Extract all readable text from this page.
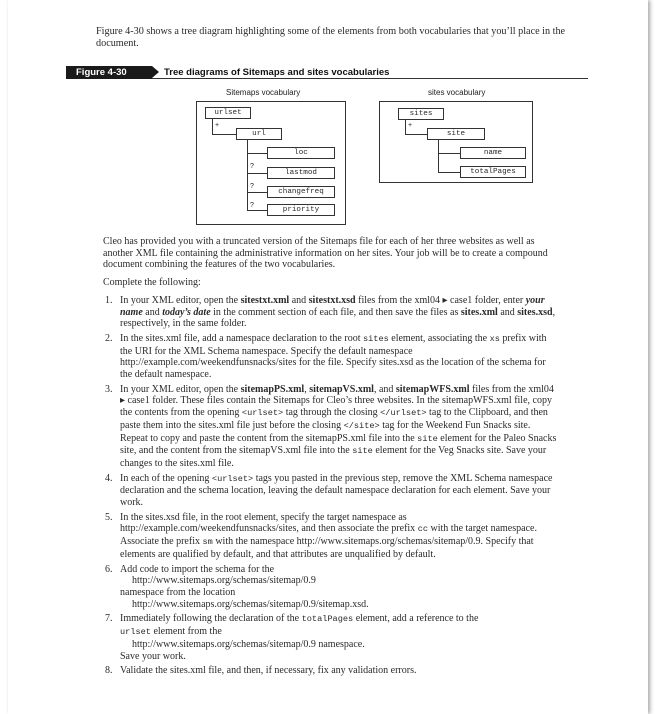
Figure 4-30 shows a tree diagram highlighting some of the elements from both vocabularies that you’ll place in the document.
Figure 4-30	Tree diagrams of Sitemaps and sites vocabularies
Sitemaps vocabulary
urlset
+
url
loc
?
lastmod
?
changefreq
?
priority
sites vocabulary
sites
+
site
name
totalPages

Cleo has provided you with a truncated version of the Sitemaps file for each of her three websites as well as another XML file containing the administrative information on her sites. Your job will be to create a compound document combining the features of the two vocabularies.

Complete the following:

1. In your XML editor, open the sitestxt.xml and sitestxt.xsd files from the xml04 ▸ case1 folder, enter your name and today’s date in the comment section of each file, and then save the files as sites.xml and sites.xsd, respectively, in the same folder.
2. In the sites.xml file, add a namespace declaration to the root sites element, associating the xs prefix with the URI for the XML Schema namespace. Specify the default namespace http://example.com/weekendfunsnacks/sites for the file. Specify sites.xsd as the location of the schema for the default namespace.
3. In your XML editor, open the sitemapPS.xml, sitemapVS.xml, and sitemapWFS.xml files from the xml04 ▸ case1 folder. These files contain the Sitemaps for Cleo’s three websites. In the sitemapWFS.xml file, copy the contents from the opening <urlset> tag through the closing </urlset> tag to the Clipboard, and then paste them into the sites.xml file just before the closing </site> tag for the Weekend Fun Snacks site. Repeat to copy and paste the content from the sitemapPS.xml file into the site element for the Paleo Snacks site, and the content from the sitemapVS.xml file into the site element for the Veg Snacks site. Save your changes to the sites.xml file.
4. In each of the opening <urlset> tags you pasted in the previous step, remove the XML Schema namespace declaration and the schema location, leaving the default namespace declaration for each element. Save your work.
5. In the sites.xsd file, in the root element, specify the target namespace as http://example.com/weekendfunsnacks/sites, and then associate the prefix cc with the target namespace. Associate the prefix sm with the namespace http://www.sitemaps.org/schemas/sitemap/0.9. Specify that elements are qualified by default, and that attributes are unqualified by default.
6. Add code to import the schema for the
http://www.sitemaps.org/schemas/sitemap/0.9
namespace from the location
http://www.sitemaps.org/schemas/sitemap/0.9/sitemap.xsd.
7. Immediately following the declaration of the totalPages element, add a reference to the
urlset element from the
http://www.sitemaps.org/schemas/sitemap/0.9 namespace.
Save your work.
8. Validate the sites.xml file, and then, if necessary, fix any validation errors.
